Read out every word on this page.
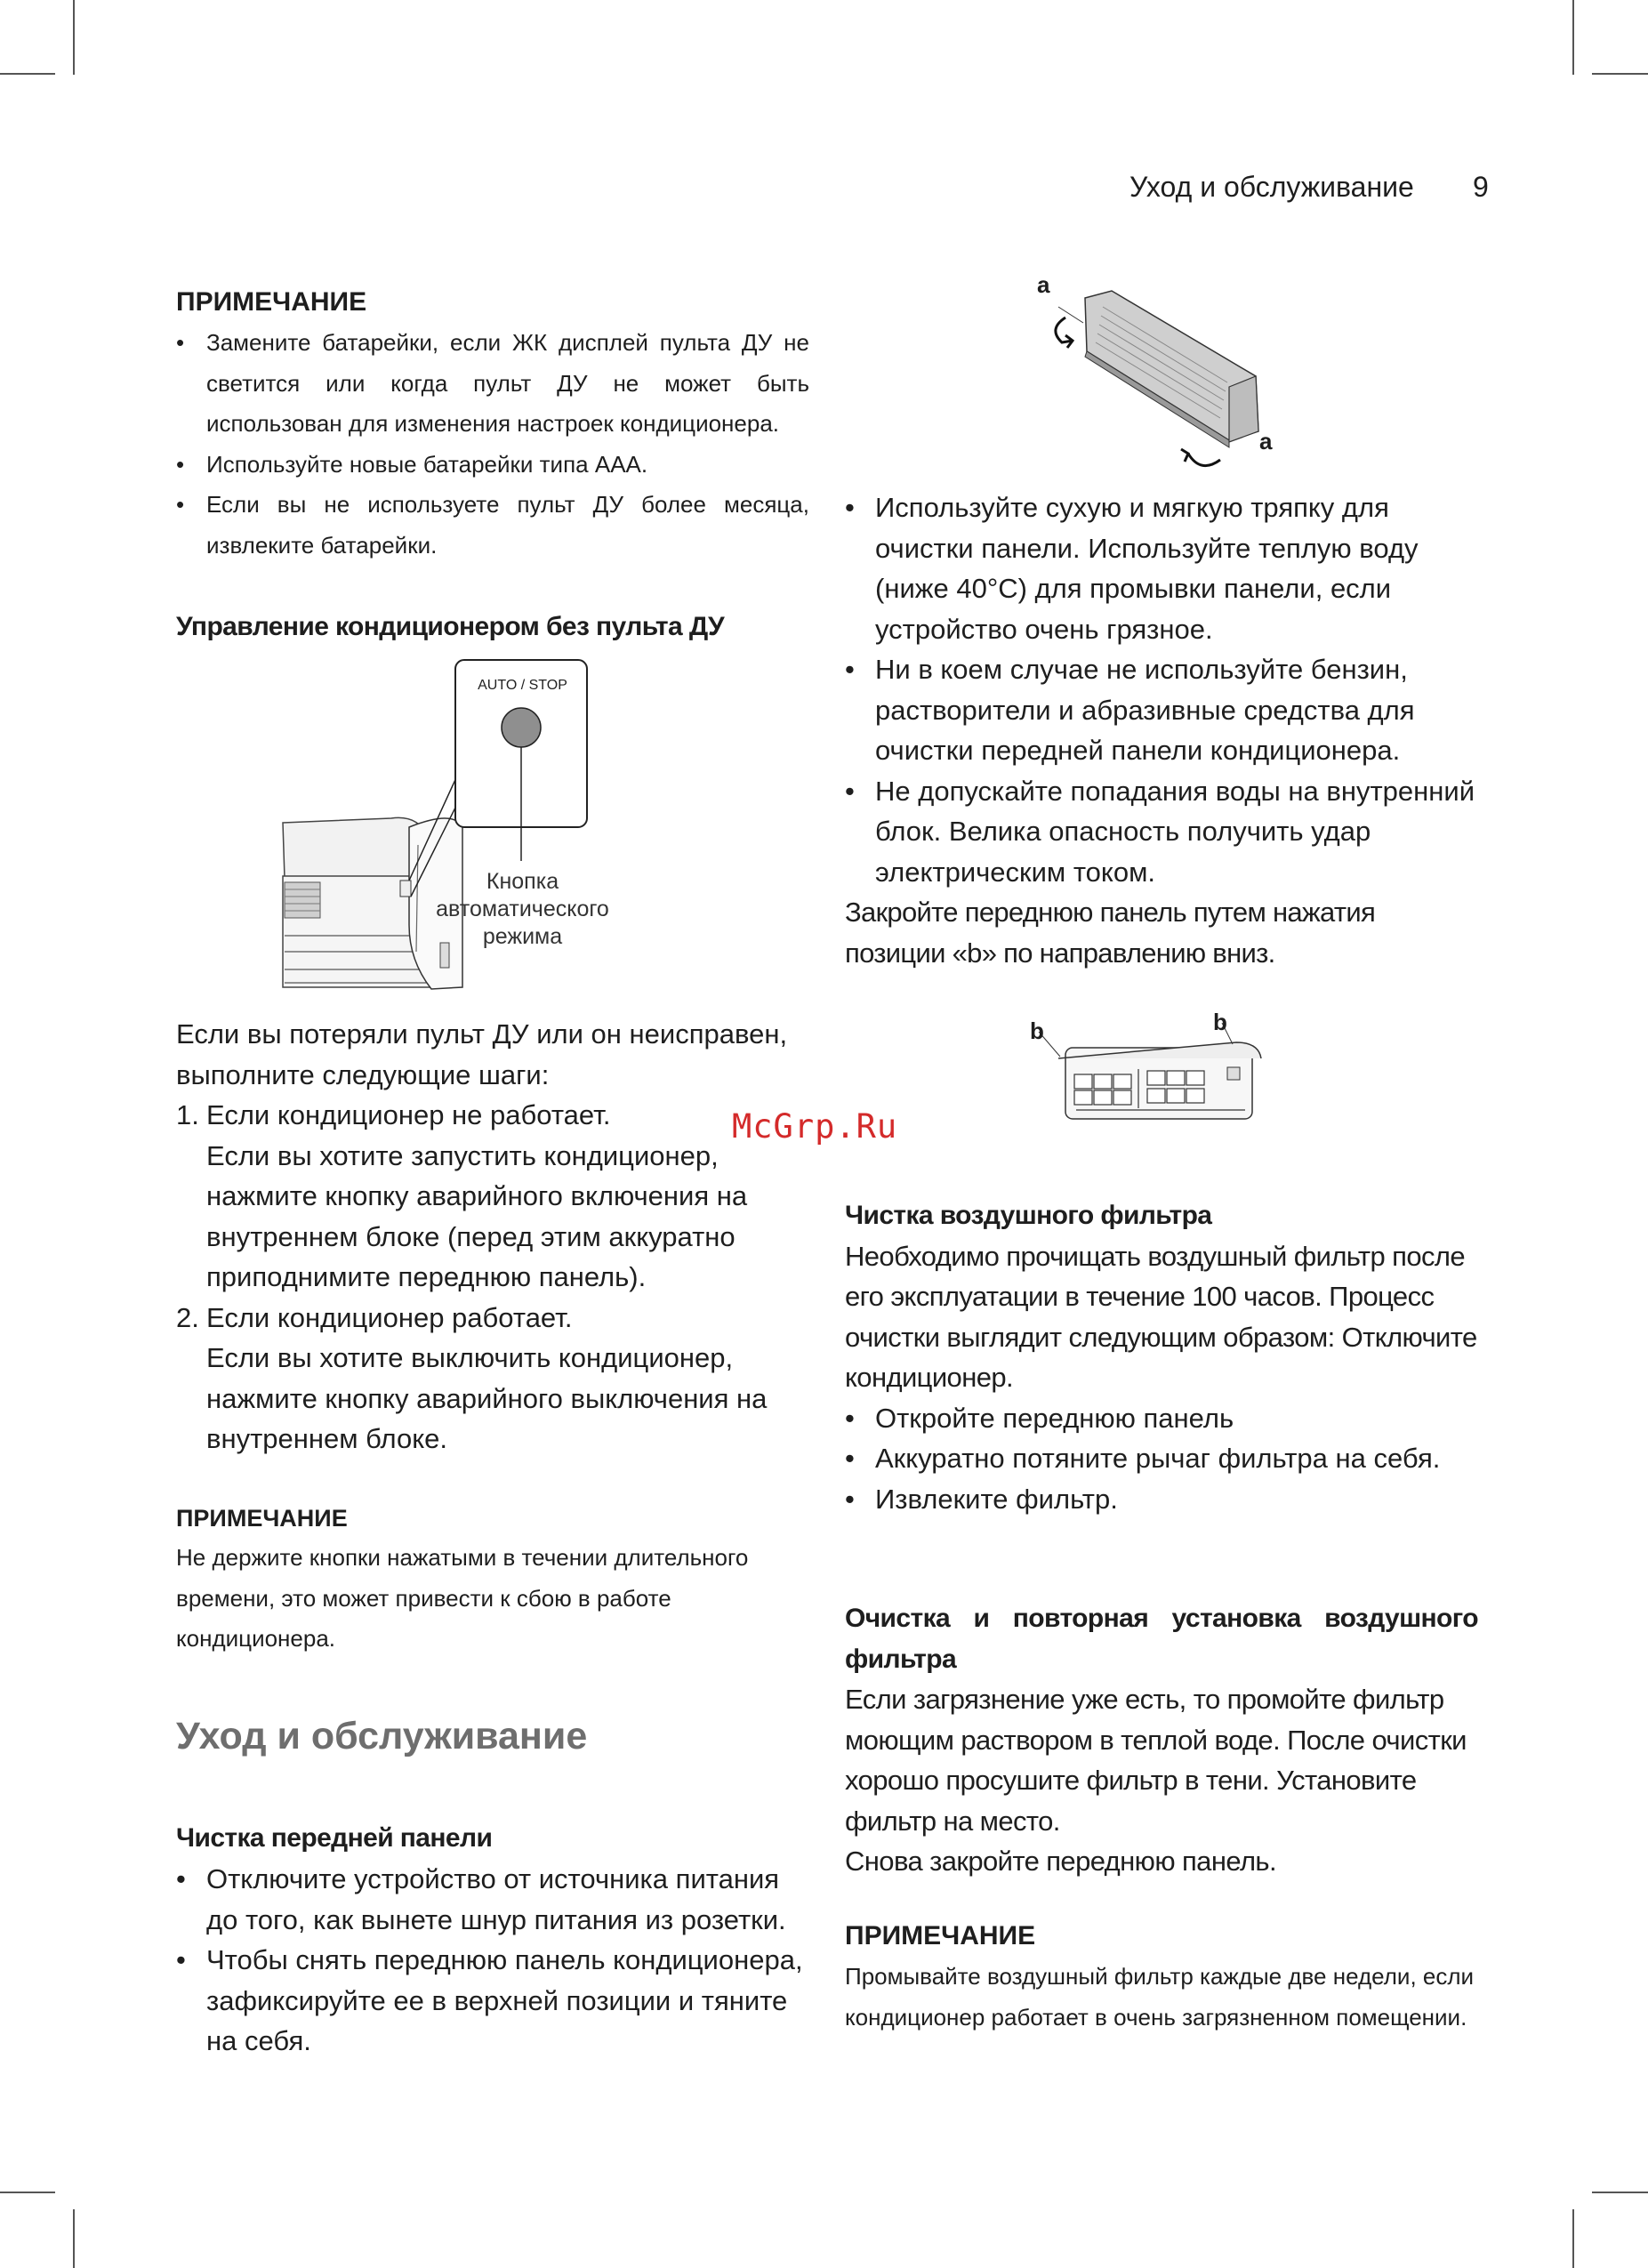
Уход и обслуживание 9
ПРИМЕЧАНИЕ
• Замените батарейки, если ЖК дисплей пульта ДУ не светится или когда пульт ДУ не может быть использован для изменения настроек кондиционера.
• Используйте новые батарейки типа ААА.
• Если вы не используете пульт ДУ более месяца, извлеките батарейки.
Управление кондиционером без пульта ДУ
AUTO / STOP
Кнопка
автоматического
режима
Если вы потеряли пульт ДУ или он неисправен, выполните следующие шаги:
1. Если кондиционер не работает.
Если вы хотите запустить кондиционер, нажмите кнопку аварийного включения на внутреннем блоке (перед этим аккуратно приподнимите переднюю панель).
2. Если кондиционер работает.
Если вы хотите выключить кондиционер, нажмите кнопку аварийного выключения на внутреннем блоке.
ПРИМЕЧАНИЕ
Не держите кнопки нажатыми в течении длительного времени, это может привести к сбою в работе кондиционера.
Уход и обслуживание
Чистка передней панели
• Отключите устройство от источника питания до того, как вынете шнур питания из розетки.
• Чтобы снять переднюю панель кондиционера, зафиксируйте ее в верхней позиции и тяните на себя.
McGrp.Ru
a
a
• Используйте сухую и мягкую тряпку для очистки панели. Используйте теплую воду (ниже 40°С) для промывки панели, если устройство очень грязное.
• Ни в коем случае не используйте бензин, растворители и абразивные средства для очистки передней панели кондиционера.
• Не допускайте попадания воды на внутренний блок. Велика опасность получить удар электрическим током.
Закройте переднюю панель путем нажатия позиции «b» по направлению вниз.
b	b
Чистка воздушного фильтра
Необходимо прочищать воздушный фильтр после его эксплуатации в течение 100 часов. Процесс очистки выглядит следующим образом: Отключите кондиционер.
• Откройте переднюю панель
• Аккуратно потяните рычаг фильтра на себя.
• Извлеките фильтр.
Очистка и повторная установка воздушного фильтра
Если загрязнение уже есть, то промойте фильтр моющим раствором в теплой воде. После очистки хорошо просушите фильтр в тени. Установите фильтр на место.
Снова закройте переднюю панель.
ПРИМЕЧАНИЕ
Промывайте воздушный фильтр каждые две недели, если кондиционер работает в очень загрязненном помещении.
